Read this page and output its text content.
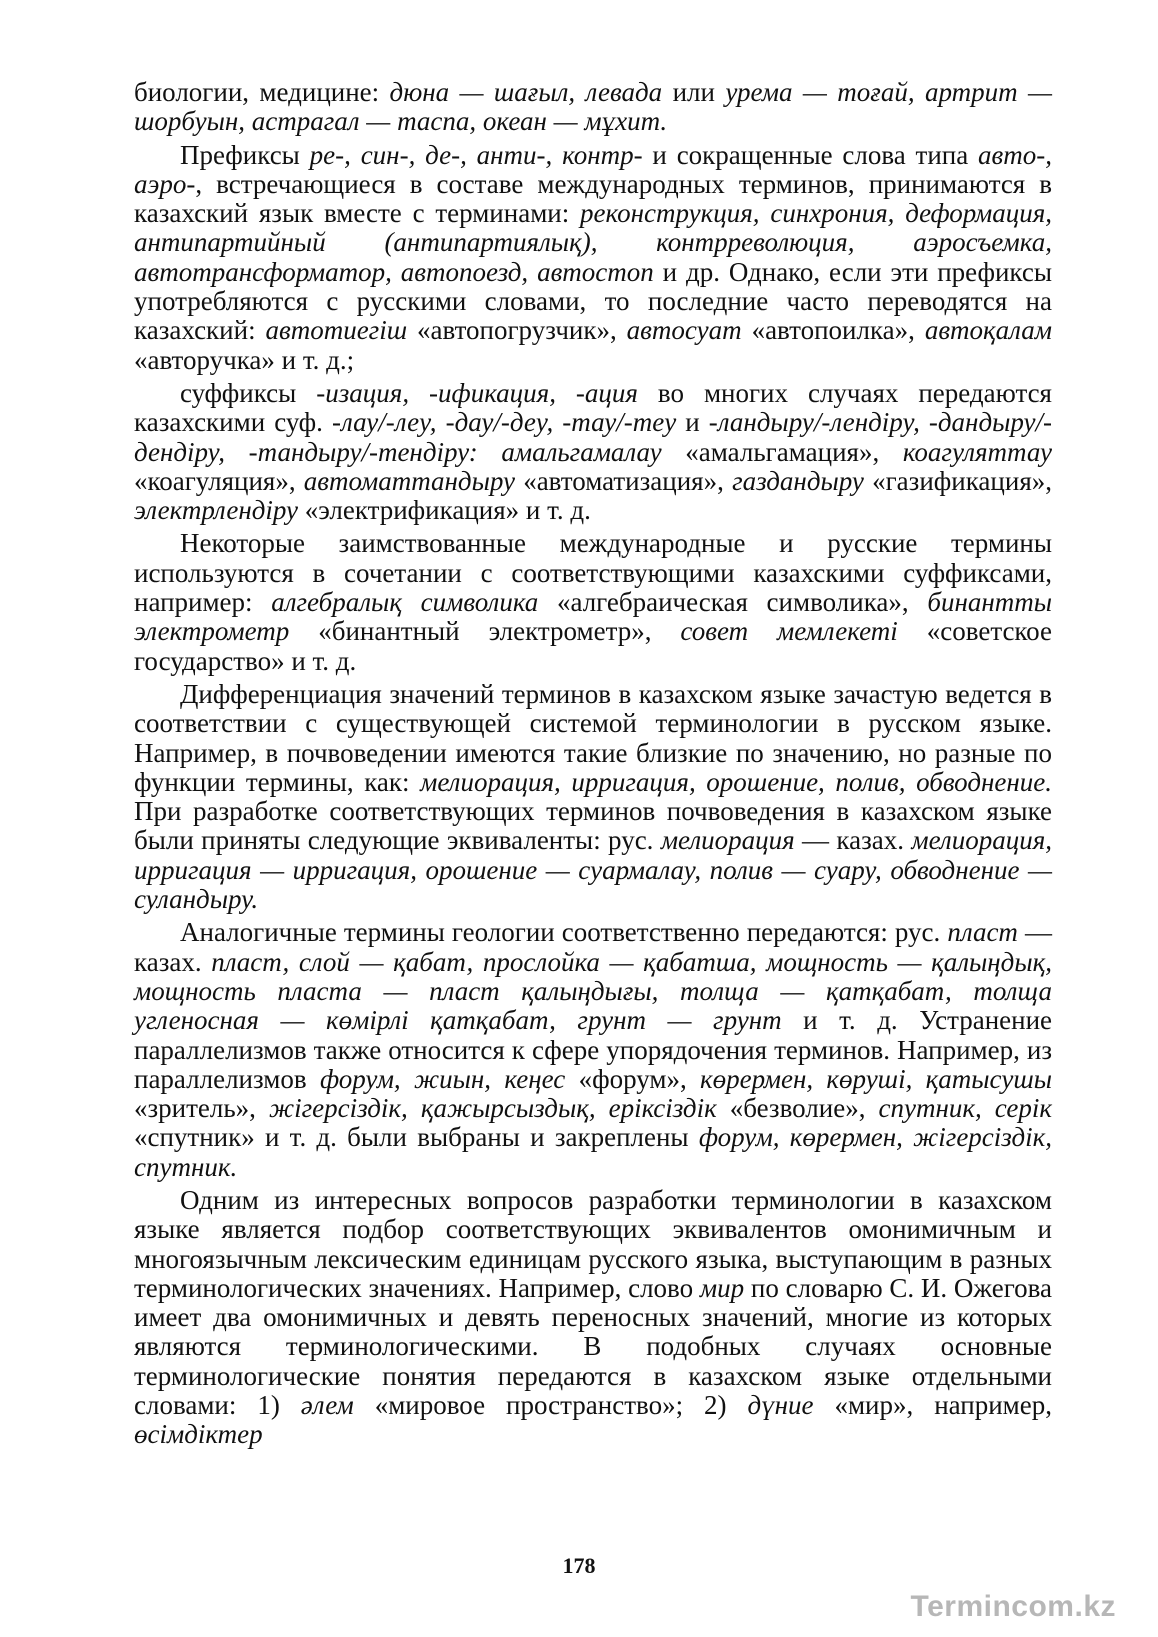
биологии, медицине: дюна — шағыл, левада или урема — тоғай, артрит — шорбуын, астрагал — таспа, океан — мұхит.

Префиксы ре-, син-, де-, анти-, контр- и сокращенные слова типа авто-, аэро-, встречающиеся в составе международных терминов, принимаются в казахский язык вместе с терминами: реконструкция, синхрония, деформация, антипартийный (антипартиялық), контрреволюция, аэросъемка, автотрансформатор, автопоезд, автостоп и др. Однако, если эти префиксы употребляются с русскими словами, то последние часто переводятся на казахский: автотиегіш «автопогрузчик», автосуат «автопоилка», автоқалам «авторучка» и т. д.;

суффиксы -изация, -ификация, -ация во многих случаях передаются казахскими суф. -лау/-леу, -дау/-деу, -тау/-теу и -ландыру/-лендіру, -дандыру/-дендіру, -тандыру/-тендіру: амальгамалау «амальгамация», коагуляттау «коагуляция», автоматтандыру «автоматизация», газдандыру «газификация», электрлендіру «электрификация» и т. д.

Некоторые заимствованные международные и русские термины используются в сочетании с соответствующими казахскими суффиксами, например: алгебралық символика «алгебраическая символика», бинантты электрометр «бинантный электрометр», совет мемлекеті «советское государство» и т. д.

Дифференциация значений терминов в казахском языке зачастую ведется в соответствии с существующей системой терминологии в русском языке. Например, в почвоведении имеются такие близкие по значению, но разные по функции термины, как: мелиорация, ирригация, орошение, полив, обводнение. При разработке соответствующих терминов почвоведения в казахском языке были приняты следующие эквиваленты: рус. мелиорация — казах. мелиорация, ирригация — ирригация, орошение — суармалау, полив — суару, обводнение — суландыру.

Аналогичные термины геологии соответственно передаются: рус. пласт — казах. пласт, слой — қабат, прослойка — қабатша, мощность — қалыңдық, мощность пласта — пласт қалыңдығы, толща — қатқабат, толща угленосная — көмірлі қатқабат, грунт — грунт и т. д. Устранение параллелизмов также относится к сфере упорядочения терминов. Например, из параллелизмов форум, жиын, кеңес «форум», көрермен, көруші, қатысушы «зритель», жігерсіздік, қажырсыздық, еріксіздік «безволие», спутник, серік «спутник» и т. д. были выбраны и закреплены форум, көрермен, жігерсіздік, спутник.

Одним из интересных вопросов разработки терминологии в казахском языке является подбор соответствующих эквивалентов омонимичным и многоязычным лексическим единицам русского языка, выступающим в разных терминологических значениях. Например, слово мир по словарю С. И. Ожегова имеет два омонимичных и девять переносных значений, многие из которых являются терминологическими. В подобных случаях основные терминологические понятия передаются в казахском языке отдельными словами: 1) әлем «мировое пространство»; 2) дүние «мир», например, өсімдіктер

178
Termincom.kz
